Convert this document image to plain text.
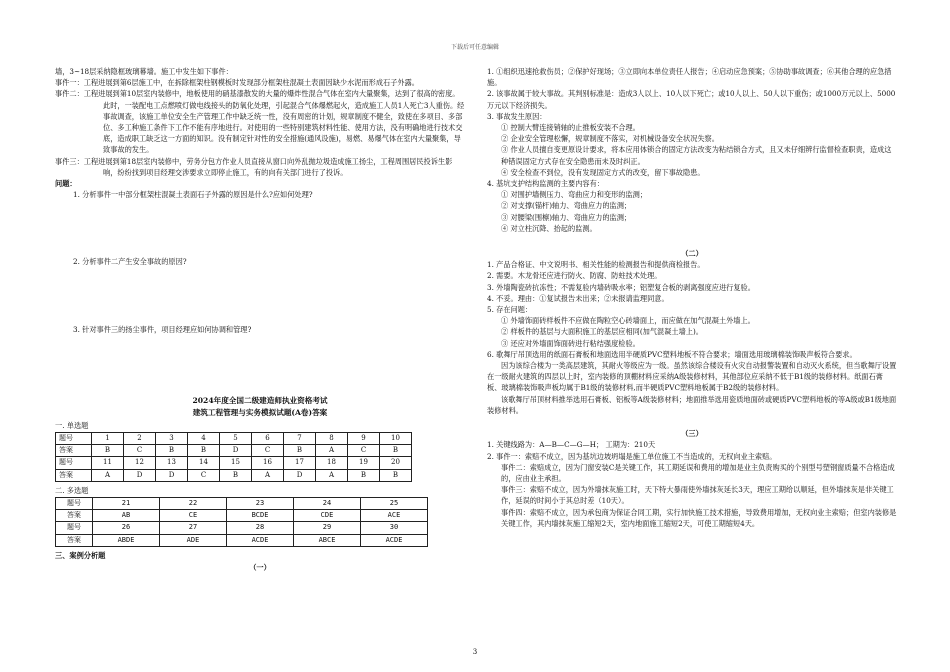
下载后可任意编辑

墙，3~18层采纳隐框玻璃幕墙。施工中发生如下事件：

事件一：工程进展到第6层施工中，在拆除框架柱钢模板时发现部分框架柱混凝土表面因缺少水泥而形成石子外露。

事件二：工程进展到第10层室内装修中，地板使用的硝基漆散发的大量的爆炸性混合气体在室内大量聚集，达到了很高的密度。此时，一装配电工点燃喷灯做电线接头的防氧化处理，引起混合气体爆燃起火，造成施工人员1人死亡3人重伤。经事故调查，该施工单位安全生产管理工作中缺乏统一性，没有周密的计划，规章制度不健全，致使在多项目、多部位、多工种施工条件下工作不能有序地进行。对使用的一些特别建筑材料性能、使用方法，没有明确地进行技术交底，造成职工缺乏这一方面的知识。没有制定针对性的安全措施(通风设施)，易燃、易爆气体在室内大量聚集，导致事故的发生。

事件三：工程进展到第18层室内装修中，劳务分包方作业人员直接从窗口向外乱抛垃圾造成施工扬尘，工程周围居民投诉生影响，纷纷找到项目经理交涉要求立即停止施工，有的向有关部门进行了投诉。

问题：

1. 分析事件一中部分框架柱混凝土表面石子外露的原因是什么?应如何处理?

2. 分析事件二产生安全事故的原因?

3. 针对事件三的扬尘事件，项目经理应如何协调和管理?

2024年度全国二级建造师执业资格考试
建筑工程管理与实务模拟试题(A卷)答案

一. 单选题

题号	1	2	3	4	5	6	7	8	9	10
答案	B	C	B	B	D	C	B	A	C	B
题号	11	12	13	14	15	16	17	18	19	20
答案	A	D	D	C	B	A	D	A	B	B

二. 多选题

题号	21	22	23	24	25
答案	AB	CE	BCDE	CDE	ACE
题号	26	27	28	29	30
答案	ABDE	ADE	ACDE	ABCE	ACDE

三、案例分析题

（一）

1. ①组织迅速抢救伤员；②保护好现场；③立即向本单位责任人报告；④启动应急预案；⑤协助事故调查；⑥其他合理的应急措施。

2. 该事故属于较大事故。其判别标准是：造成3人以上、10人以下死亡；或10人以上、50人以下重伤；或1000万元以上、5000万元以下经济损失。

3. 事故发生原因：

① 控制大臂连接销轴的止推板安装不合理。

② 企业安全管理松懈，规章制度不落实，对机械设备安全状况失察。

③ 作业人员擅自变更原设计要求，将本应用体锁合的固定方法改变为粘结锁合方式，且又未仔细辨行监督检查职责，造成这种错误固定方式存在安全隐患而未及时纠正。

④ 安全检查不到位，没有发现固定方式的改变，留下事故隐患。

4. 基坑支护结构监测的主要内容有：

① 对围护墙侧压力、弯曲应力和变形的监测；

② 对支撑(锚杆)轴力、弯曲应力的监测；

③ 对腰梁(围檩)轴力、弯曲应力的监测；

④ 对立柱沉降、抬起的监测。

（二）

1. 产品合格证、中文说明书、相关性能的检测报告和提供商检报告。

2. 需要。木龙骨还应进行防火、防腐、防蛀技术处理。

3. 外墙陶瓷砖抗冻性；不需复验内墙砖吸水率；铝塑复合板的剥离强度应进行复验。

4. 不妥。理由：①复试报告未出来；②未报请监理同意。

5. 存在问题：

① 外墙饰面砖样板件不应做在陶粒空心砖墙面上，而应做在加气混凝土外墙上。

② 样板件的基层与大面积施工的基层应相同(加气混凝土墙上)。

③ 还应对外墙面饰面砖进行粘结强度检验。

6. 歌舞厅吊顶选用的纸面石膏板和地面选用半硬质PVC塑料地板不符合要求；墙面选用玻璃棉装饰吸声板符合要求。

因为该综合楼为一类高层建筑，其耐火等级应为一级。虽然该综合楼设有火灾自动报警装置和自动灭火系统，但当歌舞厅设置在一级耐火建筑的四层以上时，室内装修的顶棚材料应采纳A级装修材料，其他部位应采纳不低于B1级的装修材料。纸面石膏板、玻璃棉装饰吸声板均属于B1级的装修材料,而半硬质PVC塑料地板属于B2级的装修材料。

该歌舞厅吊顶材料推举选用石膏板、铝板等A级装修材料；地面推举选用瓷质地面砖或硬质PVC塑料地板的等A级或B1级地面装修材料。

（三）

1. 关键线路为：A—B—C—G—H； 工期为：210天

2. 事件一：索赔不成立，因为基坑边坡坍塌是施工单位施工不当造成的，无权向业主索赔。

事件二：索赔成立，因为门窗安装C是关键工作，其工期延误和费用的增加是业主负责购买的个别型号塑钢窗质量不合格造成的，应由业主承担。

事件三：索赔不成立，因为外墙抹灰施工时，天下特大暴雨使外墙抹灰延长3天，理应工期给以顺延，但外墙抹灰是非关键工作，延误的时间小于其总时差（10天）。

事件四：索赔不成立，因为承包商为保证合同工期，实行加快施工技术措施，导致费用增加，无权向业主索赔；但室内装修是关键工作，其内墙抹灰施工缩短2天，室内地面施工缩短2天，可使工期缩短4天。

3
